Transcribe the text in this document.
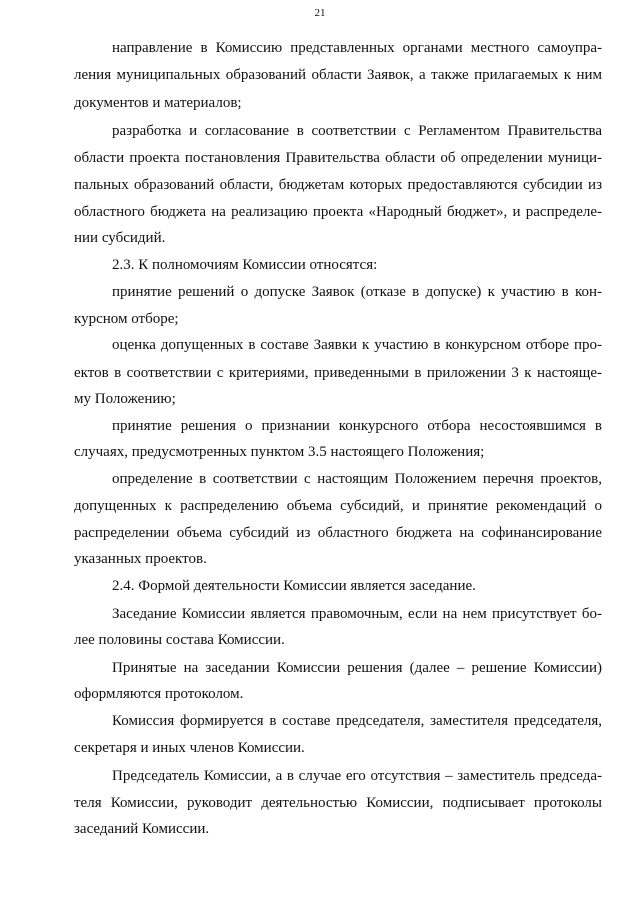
21
направление в Комиссию представленных органами местного самоупра-
ления муниципальных образований области Заявок, а также прилагаемых к ним
документов и материалов;
разработка и согласование в соответствии с Регламентом Правительства
области проекта постановления Правительства области об определении муници-
пальных образований области, бюджетам которых предоставляются субсидии из
областного бюджета на реализацию проекта «Народный бюджет», и распределе-
нии субсидий.
2.3. К полномочиям Комиссии относятся:
принятие решений о допуске Заявок (отказе в допуске) к участию в кон-
курсном отборе;
оценка допущенных в составе Заявки к участию в конкурсном отборе про-
ектов в соответствии с критериями, приведенными в приложении 3 к настояще-
му Положению;
принятие решения о признании конкурсного отбора несостоявшимся в
случаях, предусмотренных пунктом 3.5 настоящего Положения;
определение в соответствии с настоящим Положением перечня проектов,
допущенных к распределению объема субсидий, и принятие рекомендаций о
распределении объема субсидий из областного бюджета на софинансирование
указанных проектов.
2.4. Формой деятельности Комиссии является заседание.
Заседание Комиссии является правомочным, если на нем присутствует бо-
лее половины состава Комиссии.
Принятые на заседании Комиссии решения (далее – решение Комиссии)
оформляются протоколом.
Комиссия формируется в составе председателя, заместителя председателя,
секретаря и иных членов Комиссии.
Председатель Комиссии, а в случае его отсутствия – заместитель председа-
теля Комиссии, руководит деятельностью Комиссии, подписывает протоколы
заседаний Комиссии.
